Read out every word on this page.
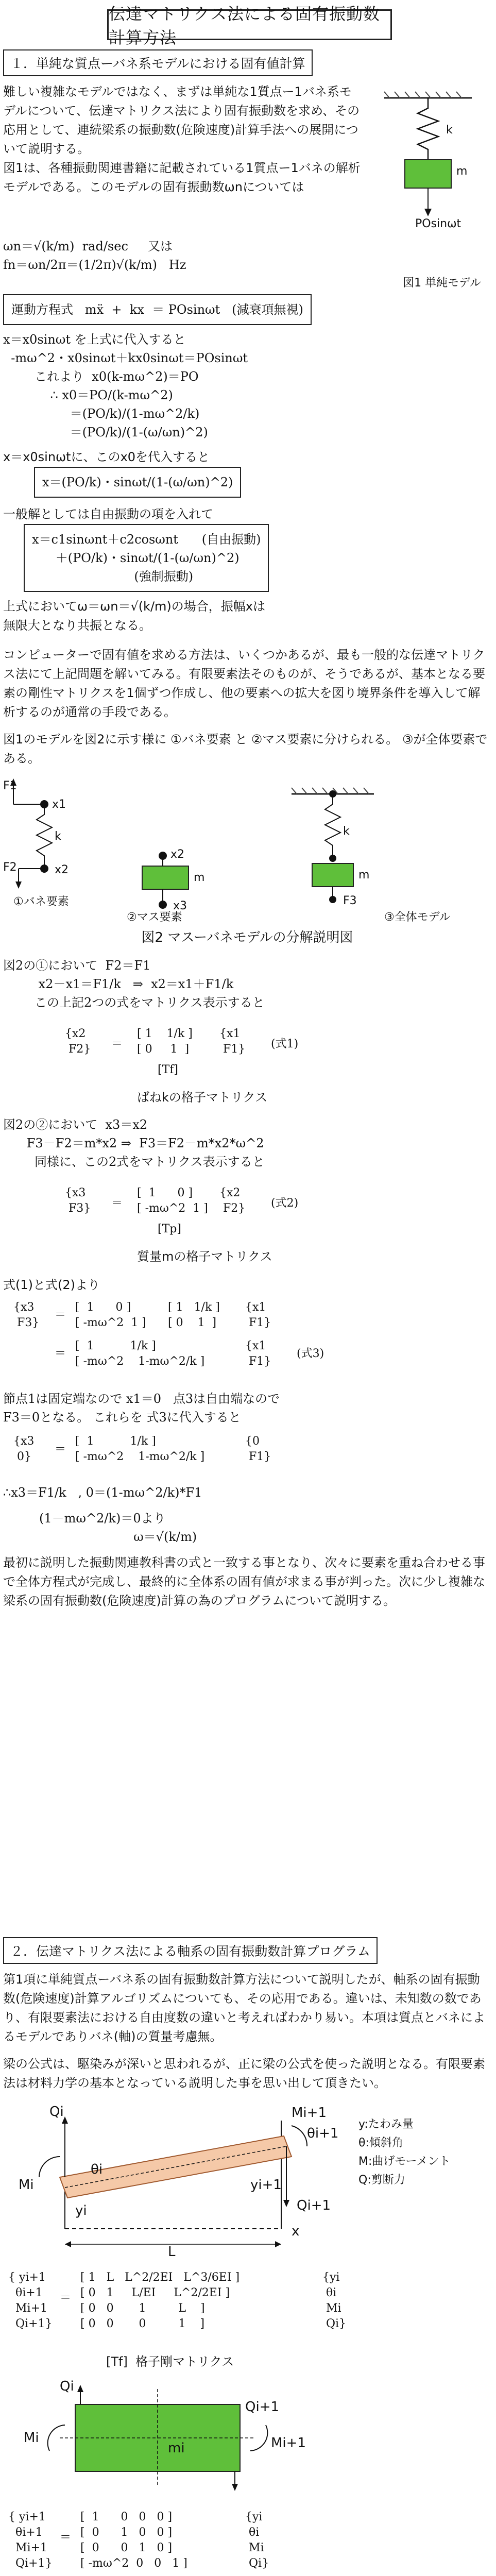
伝達マトリクス法による固有振動数計算方法
１．単純な質点ーバネ系モデルにおける固有値計算

難しい複雑なモデルではなく、まずは単純な1質点ー1バネ系モデルについて、伝達マトリクス法により固有振動数を求め、その応用として、連続梁系の振動数(危険速度)計算手法への展開について説明する。
図1は、各種振動関連書籍に記載されている1質点ー1バネの解析モデルである。このモデルの固有振動数ωnについては

k
m
POsinωt
ωn＝√(k/m)  rad/sec     又は
fn＝ωn/2π＝(1/2π)√(k/m)   Hz
図1 単純モデル
運動方程式   mẍ  +  kx  ＝ POsinωt   (減衰項無視)
x＝x0sinωt を上式に代入すると
-mω^2・x0sinωt＋kx0sinωt＝POsinωt
これより  x0(k-mω^2)＝PO
∴ x0＝PO/(k-mω^2)
＝(PO/k)/(1-mω^2/k)
＝(PO/k)/(1-(ω/ωn)^2)
x＝x0sinωtに、このx0を代入すると
x＝(PO/k)・sinωt/(1-(ω/ωn)^2)
一般解としては自由振動の項を入れて
x＝c1sinωnt＋c2cosωnt      (自由振動)
＋(PO/k)・sinωt/(1-(ω/ωn)^2)
(強制振動)
上式においてω＝ωn＝√(k/m)の場合，振幅xは
無限大となり共振となる。
コンピューターで固有値を求める方法は、いくつかあるが、最も一般的な伝達マトリクス法にて上記問題を解いてみる。有限要素法そのものが、そうであるが、基本となる要素の剛性マトリクスを1個ずつ作成し、他の要素への拡大を図り境界条件を導入して解析するのが通常の手段である。
図1のモデルを図2に示す様に ①バネ要素 と ②マス要素に分けられる。 ③が全体要素である。
F1
x1
k
F2	x2
①バネ要素
x2
m
x3
②マス要素
k
m
F3
③全体モデル
図2 マスーバネモデルの分解説明図
図2の①において  F2＝F1
x2－x1＝F1/k   ⇒  x2＝x1＋F1/k
この上記2つの式をマトリクス表示すると
{x2
F2} ＝
[ 1 1/k ]
[ 0 1  ]
{x1
F1} (式1)
[Tf]
ばねkの格子マトリクス
図2の②において  x3＝x2
F3－F2＝m*x2 ⇒  F3＝F2－m*x2*ω^2
同様に、この2式をマトリクス表示すると
{x3
F3} ＝
[  1 0 ]
[ -mω^2 1 ]
{x2
F2} (式2)
[Tp]
質量mの格子マトリクス
式(1)と式(2)より
{x3
F3}
＝
[  1 0 ]
[ -mω^2 1 ]
[ 1 1/k ]
[ 0 1  ]
{x1
F1}
＝
[  1	1/k ]
[ -mω^2 1-mω^2/k ]
{x1
F1}
(式3)
節点1は固定端なので x1＝0   点3は自由端なので
F3＝0となる。 これらを 式3に代入すると
{x3
0}
＝
[  1	1/k ]
[ -mω^2 1-mω^2/k ]
{0
F1}
∴x3＝F1/k   , 0＝(1-mω^2/k)*F1
(1－mω^2/k)＝0より
ω＝√(k/m)
最初に説明した振動関連教科書の式と一致する事となり、次々に要素を重ね合わせる事で全体方程式が完成し、最終的に全体系の固有値が求まる事が判った。次に少し複雑な梁系の固有振動数(危険速度)計算の為のプログラムについて説明する。
２．伝達マトリクス法による軸系の固有振動数計算プログラム
第1項に単純質点ーバネ系の固有振動数計算方法について説明したが、軸系の固有振動数(危険速度)計算アルゴリズムについても、その応用である。違いは、未知数の数であり、有限要素法における自由度数の違いと考えればわかり易い。本項は質点とバネによるモデルでありバネ(軸)の質量考慮無。
梁の公式は、駆染みが深いと思われるが、正に梁の公式を使った説明となる。有限要素法は材料力学の基本となっている説明した事を思い出して頂きたい。
Qi
Mi
yi
θi
Mi+1
θi+1
yi+1
Qi+1
L
x
y:たわみ量
θ:傾斜角
M:曲げモーメント
Q:剪断力
{ yi+1
θi+1
Mi+1
Qi+1}
＝
[ 1 L L^2/2EI L^3/6EI ]
[ 0 1 L/EI L^2/2EI ]
[ 0 0 1	L    ]
[ 0 0 0	1    ]
{yi
θi
Mi
Qi}
[Tf]  格子剛マトリクス
Qi
Mi
Qi+1
Mi+1
mi
{ yi+1
θi+1
Mi+1
Qi+1}
＝
[  1 0 0 0 ]
[  0 1 0 0 ]
[  0 0 1 0 ]
[ -mω^2 0 0 1 ]
{yi
θi
Mi
Qi}
